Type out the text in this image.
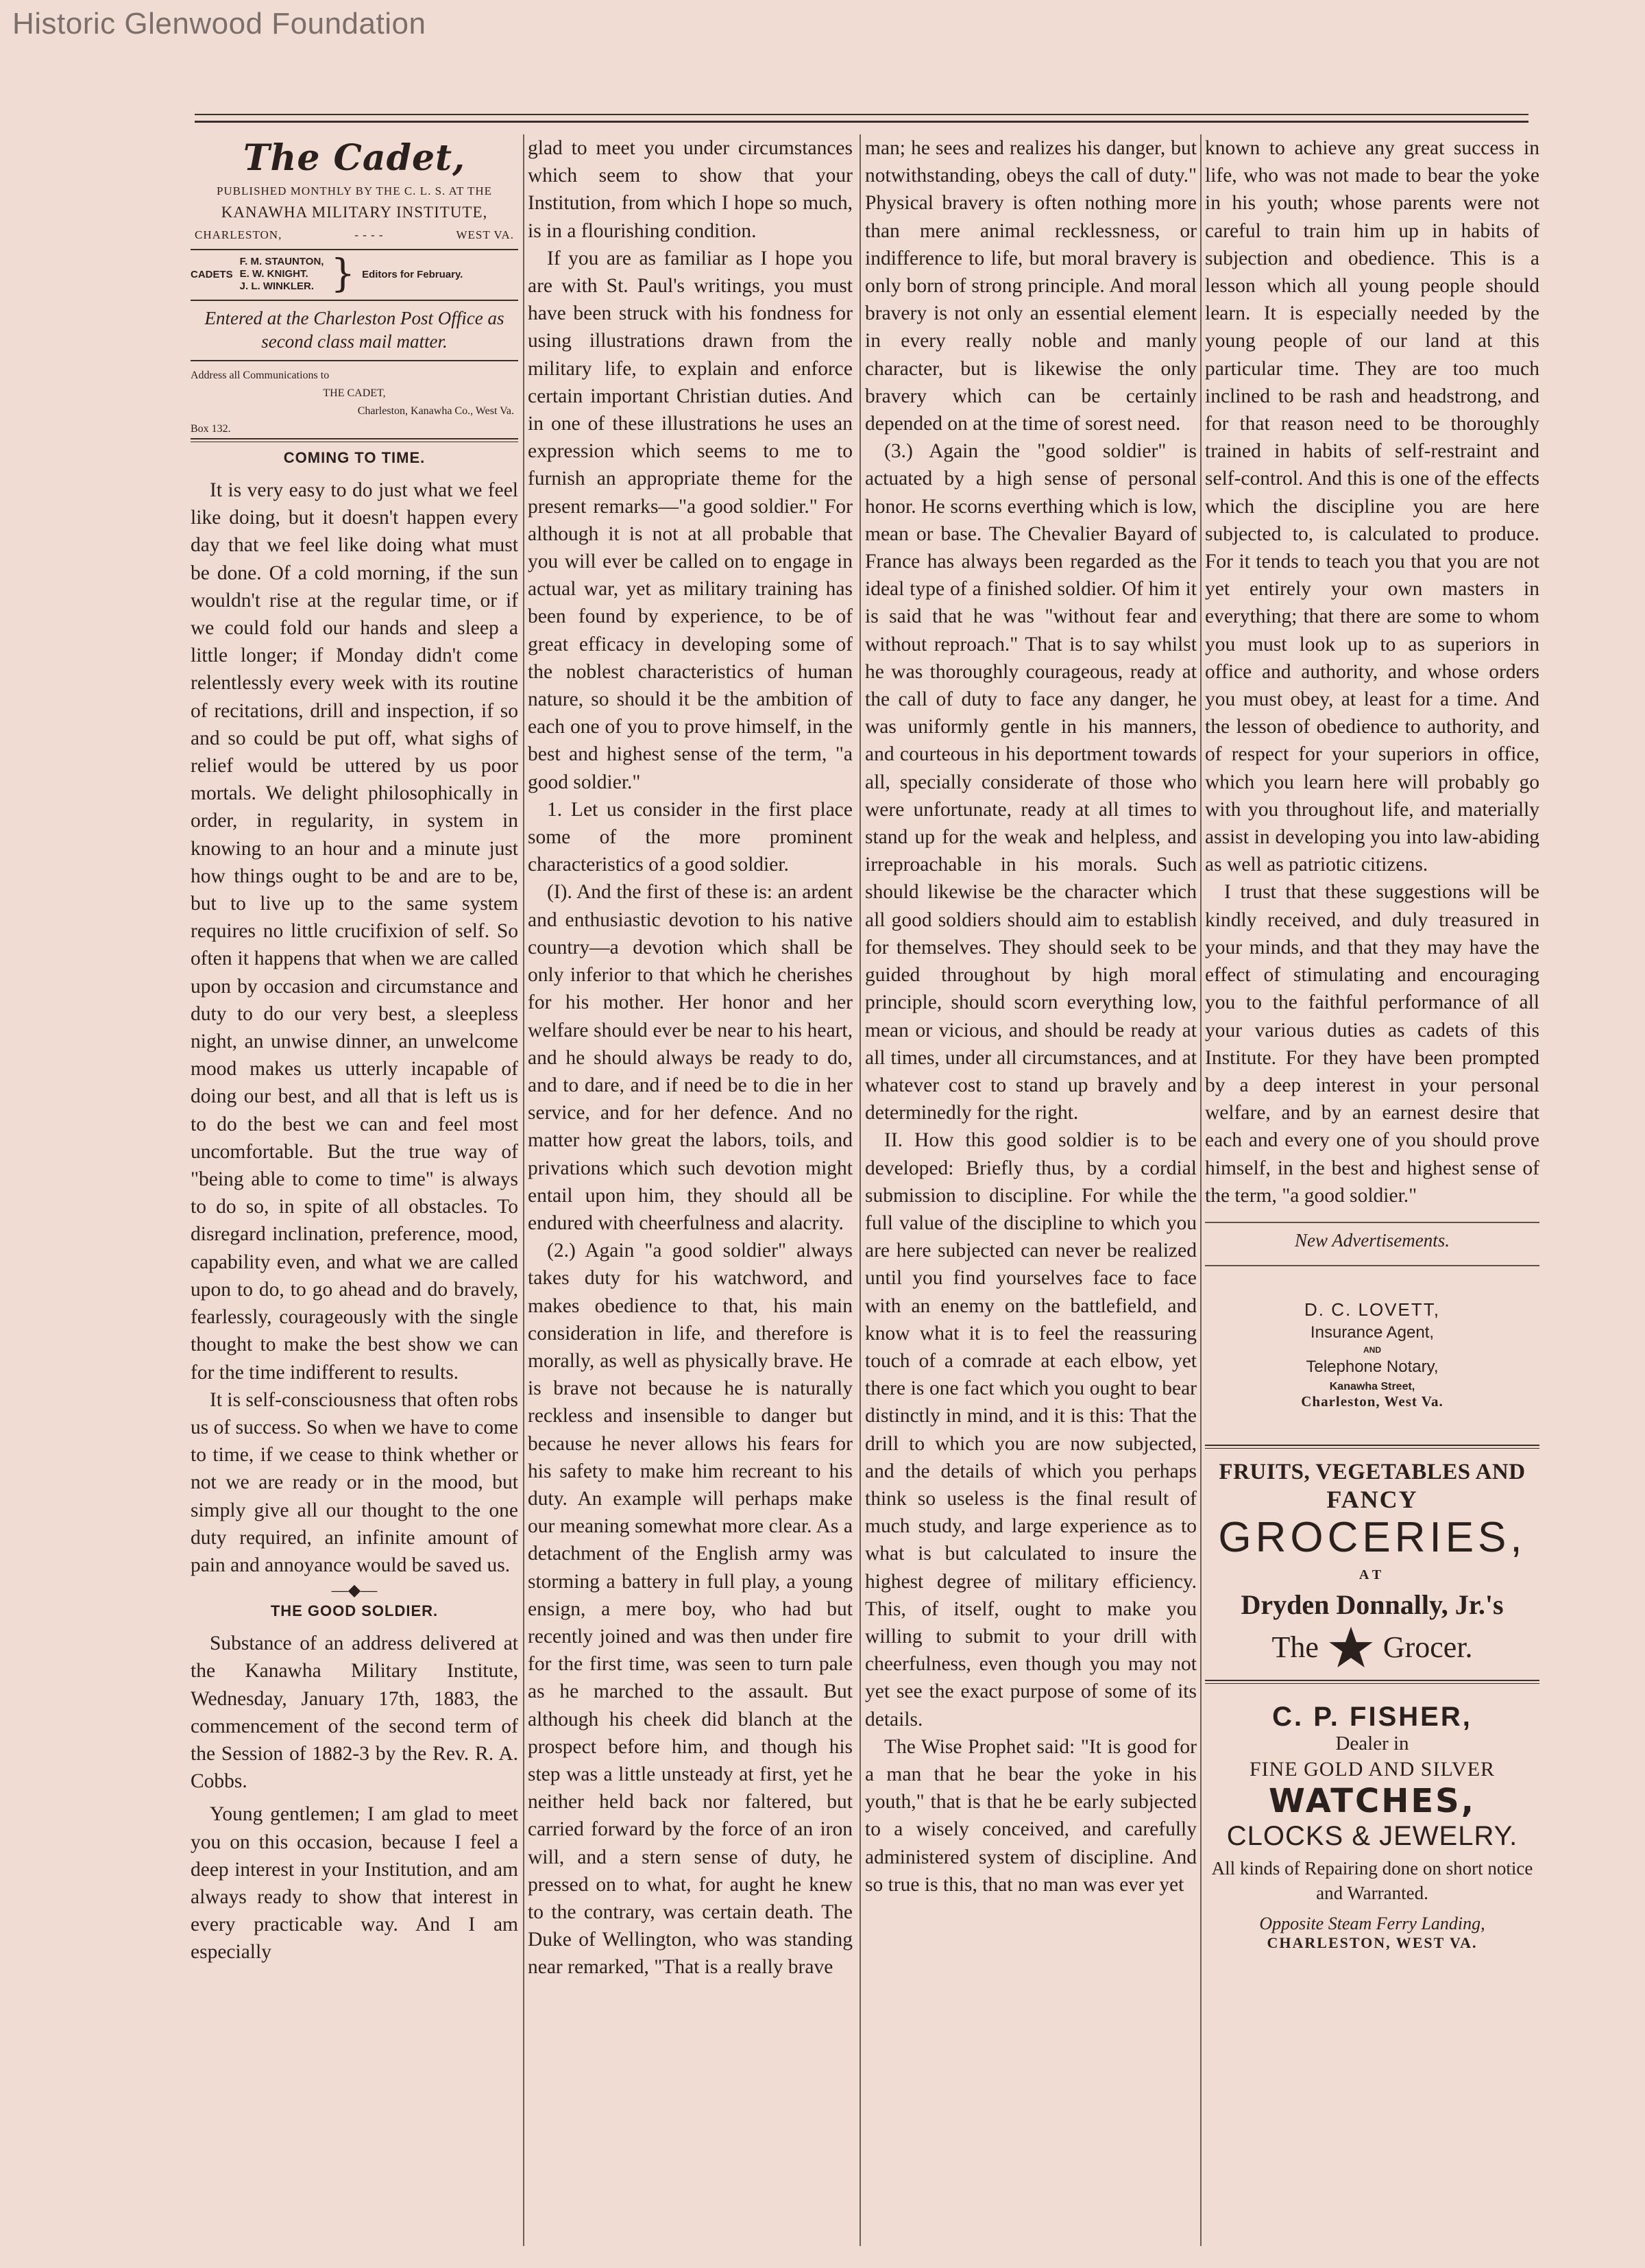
Historic Glenwood Foundation
The Cadet,
PUBLISHED MONTHLY BY THE C. L. S. AT THE
KANAWHA MILITARY INSTITUTE,
CHARLESTON,	- - - -	WEST VA.
CADETS
F. M. STAUNTON,
E. W. KNIGHT.
J. L. WINKLER. } Editors for February.
Entered at the Charleston Post Office as second class mail matter.
Address all Communications to
THE CADET,
Charleston, Kanawha Co., West Va.
Box 132.
COMING TO TIME.

It is very easy to do just what we feel like doing, but it doesn't happen every day that we feel like doing what must be done. Of a cold morning, if the sun wouldn't rise at the regular time, or if we could fold our hands and sleep a little longer; if Monday didn't come relentlessly every week with its routine of recitations, drill and inspection, if so and so could be put off, what sighs of relief would be uttered by us poor mortals. We delight philosophically in order, in regularity, in system in knowing to an hour and a minute just how things ought to be and are to be, but to live up to the same system requires no little crucifixion of self. So often it happens that when we are called upon by occasion and circumstance and duty to do our very best, a sleepless night, an unwise dinner, an unwelcome mood makes us utterly incapable of doing our best, and all that is left us is to do the best we can and feel most uncomfortable. But the true way of "being able to come to time" is always to do so, in spite of all obstacles. To disregard inclination, preference, mood, capability even, and what we are called upon to do, to go ahead and do bravely, fearlessly, courageously with the single thought to make the best show we can for the time indifferent to results.

It is self-consciousness that often robs us of success. So when we have to come to time, if we cease to think whether or not we are ready or in the mood, but simply give all our thought to the one duty required, an infinite amount of pain and annoyance would be saved us.

—◆—
THE GOOD SOLDIER.

Substance of an address delivered at the Kanawha Military Institute, Wednesday, January 17th, 1883, the commencement of the second term of the Session of 1882-3 by the Rev. R. A. Cobbs.

Young gentlemen; I am glad to meet you on this occasion, because I feel a deep interest in your Institution, and am always ready to show that interest in every practicable way. And I am especially

glad to meet you under circumstances which seem to show that your Institution, from which I hope so much, is in a flourishing condition.

If you are as familiar as I hope you are with St. Paul's writings, you must have been struck with his fondness for using illustrations drawn from the military life, to explain and enforce certain important Christian duties. And in one of these illustrations he uses an expression which seems to me to furnish an appropriate theme for the present remarks—"a good soldier." For although it is not at all probable that you will ever be called on to engage in actual war, yet as military training has been found by experience, to be of great efficacy in developing some of the noblest characteristics of human nature, so should it be the ambition of each one of you to prove himself, in the best and highest sense of the term, "a good soldier."

1. Let us consider in the first place some of the more prominent characteristics of a good soldier.

(I). And the first of these is: an ardent and enthusiastic devotion to his native country—a devotion which shall be only inferior to that which he cherishes for his mother. Her honor and her welfare should ever be near to his heart, and he should always be ready to do, and to dare, and if need be to die in her service, and for her defence. And no matter how great the labors, toils, and privations which such devotion might entail upon him, they should all be endured with cheerfulness and alacrity.

(2.) Again "a good soldier" always takes duty for his watchword, and makes obedience to that, his main consideration in life, and therefore is morally, as well as physically brave. He is brave not because he is naturally reckless and insensible to danger but because he never allows his fears for his safety to make him recreant to his duty. An example will perhaps make our meaning somewhat more clear. As a detachment of the English army was storming a battery in full play, a young ensign, a mere boy, who had but recently joined and was then under fire for the first time, was seen to turn pale as he marched to the assault. But although his cheek did blanch at the prospect before him, and though his step was a little unsteady at first, yet he neither held back nor faltered, but carried forward by the force of an iron will, and a stern sense of duty, he pressed on to what, for aught he knew to the contrary, was certain death. The Duke of Wellington, who was standing near remarked, "That is a really brave

man; he sees and realizes his danger, but notwithstanding, obeys the call of duty." Physical bravery is often nothing more than mere animal recklessness, or indifference to life, but moral bravery is only born of strong principle. And moral bravery is not only an essential element in every really noble and manly character, but is likewise the only bravery which can be certainly depended on at the time of sorest need.

(3.) Again the "good soldier" is actuated by a high sense of personal honor. He scorns everthing which is low, mean or base. The Chevalier Bayard of France has always been regarded as the ideal type of a finished soldier. Of him it is said that he was "without fear and without reproach." That is to say whilst he was thoroughly courageous, ready at the call of duty to face any danger, he was uniformly gentle in his manners, and courteous in his deportment towards all, specially considerate of those who were unfortunate, ready at all times to stand up for the weak and helpless, and irreproachable in his morals. Such should likewise be the character which all good soldiers should aim to establish for themselves. They should seek to be guided throughout by high moral principle, should scorn everything low, mean or vicious, and should be ready at all times, under all circumstances, and at whatever cost to stand up bravely and determinedly for the right.

II. How this good soldier is to be developed: Briefly thus, by a cordial submission to discipline. For while the full value of the discipline to which you are here subjected can never be realized until you find yourselves face to face with an enemy on the battlefield, and know what it is to feel the reassuring touch of a comrade at each elbow, yet there is one fact which you ought to bear distinctly in mind, and it is this: That the drill to which you are now subjected, and the details of which you perhaps think so useless is the final result of much study, and large experience as to what is but calculated to insure the highest degree of military efficiency. This, of itself, ought to make you willing to submit to your drill with cheerfulness, even though you may not yet see the exact purpose of some of its details.

The Wise Prophet said: "It is good for a man that he bear the yoke in his youth," that is that he be early subjected to a wisely conceived, and carefully administered system of discipline. And so true is this, that no man was ever yet

known to achieve any great success in life, who was not made to bear the yoke in his youth; whose parents were not careful to train him up in habits of subjection and obedience. This is a lesson which all young people should learn. It is especially needed by the young people of our land at this particular time. They are too much inclined to be rash and headstrong, and for that reason need to be thoroughly trained in habits of self-restraint and self-control. And this is one of the effects which the discipline you are here subjected to, is calculated to produce. For it tends to teach you that you are not yet entirely your own masters in everything; that there are some to whom you must look up to as superiors in office and authority, and whose orders you must obey, at least for a time. And the lesson of obedience to authority, and of respect for your superiors in office, which you learn here will probably go with you throughout life, and materially assist in developing you into law-abiding as well as patriotic citizens.

I trust that these suggestions will be kindly received, and duly treasured in your minds, and that they may have the effect of stimulating and encouraging you to the faithful performance of all your various duties as cadets of this Institute. For they have been prompted by a deep interest in your personal welfare, and by an earnest desire that each and every one of you should prove himself, in the best and highest sense of the term, "a good soldier."

New Advertisements.
D. C. LOVETT,
Insurance Agent,
AND
Telephone Notary,
Kanawha Street,
Charleston, West Va.
FRUITS, VEGETABLES AND
FANCY
GROCERIES,
AT
Dryden Donnally, Jr.'s
The Grocer.
C. P. FISHER,
Dealer in
FINE GOLD AND SILVER
WATCHES,
CLOCKS & JEWELRY.
All kinds of Repairing done on short notice and Warranted.
Opposite Steam Ferry Landing,
CHARLESTON, WEST VA.
